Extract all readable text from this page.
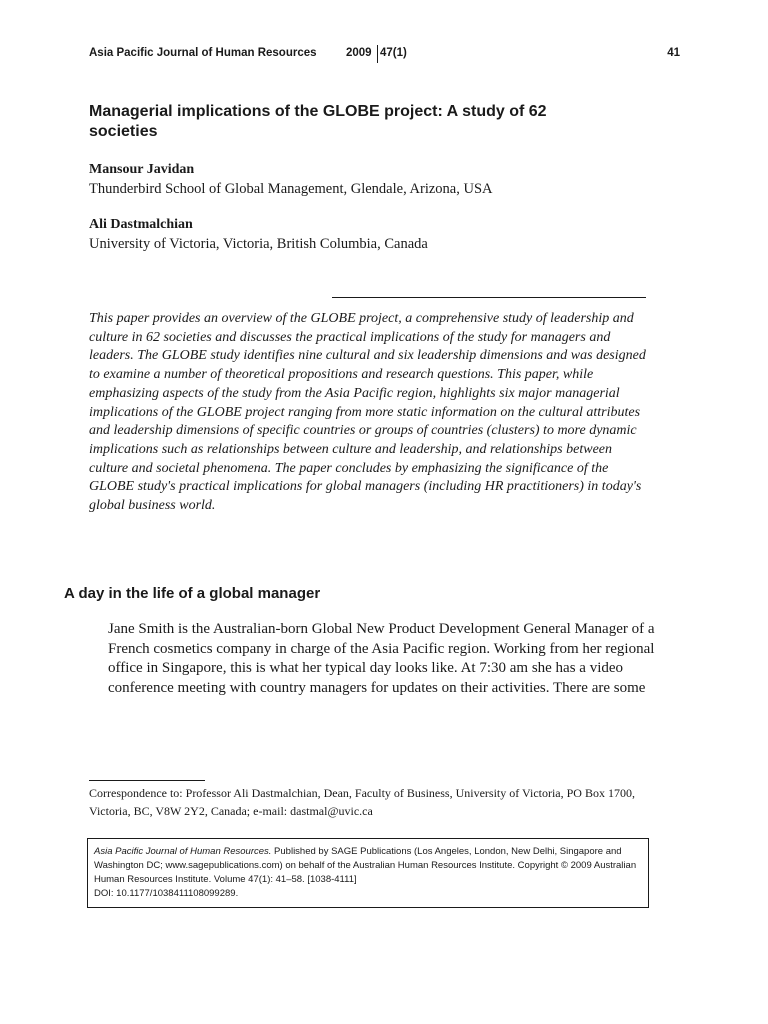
Asia Pacific Journal of Human Resources	2009 47(1)	41
Managerial implications of the GLOBE project: A study of 62 societies
Mansour Javidan
Thunderbird School of Global Management, Glendale, Arizona, USA
Ali Dastmalchian
University of Victoria, Victoria, British Columbia, Canada
This paper provides an overview of the GLOBE project, a comprehensive study of leadership and culture in 62 societies and discusses the practical implications of the study for managers and leaders. The GLOBE study identifies nine cultural and six leadership dimensions and was designed to examine a number of theoretical propositions and research questions. This paper, while emphasizing aspects of the study from the Asia Pacific region, highlights six major managerial implications of the GLOBE project ranging from more static information on the cultural attributes and leadership dimensions of specific countries or groups of countries (clusters) to more dynamic implications such as relationships between culture and leadership, and relationships between culture and societal phenomena. The paper concludes by emphasizing the significance of the GLOBE study's practical implications for global managers (including HR practitioners) in today's global business world.
A day in the life of a global manager
Jane Smith is the Australian-born Global New Product Development General Manager of a French cosmetics company in charge of the Asia Pacific region. Working from her regional office in Singapore, this is what her typical day looks like. At 7:30 am she has a video conference meeting with country managers for updates on their activities. There are some
Correspondence to: Professor Ali Dastmalchian, Dean, Faculty of Business, University of Victoria, PO Box 1700, Victoria, BC, V8W 2Y2, Canada; e-mail: dastmal@uvic.ca
Asia Pacific Journal of Human Resources. Published by SAGE Publications (Los Angeles, London, New Delhi, Singapore and Washington DC; www.sagepublications.com) on behalf of the Australian Human Resources Institute. Copyright © 2009 Australian Human Resources Institute. Volume 47(1): 41–58. [1038-4111]
DOI: 10.1177/1038411108099289.
